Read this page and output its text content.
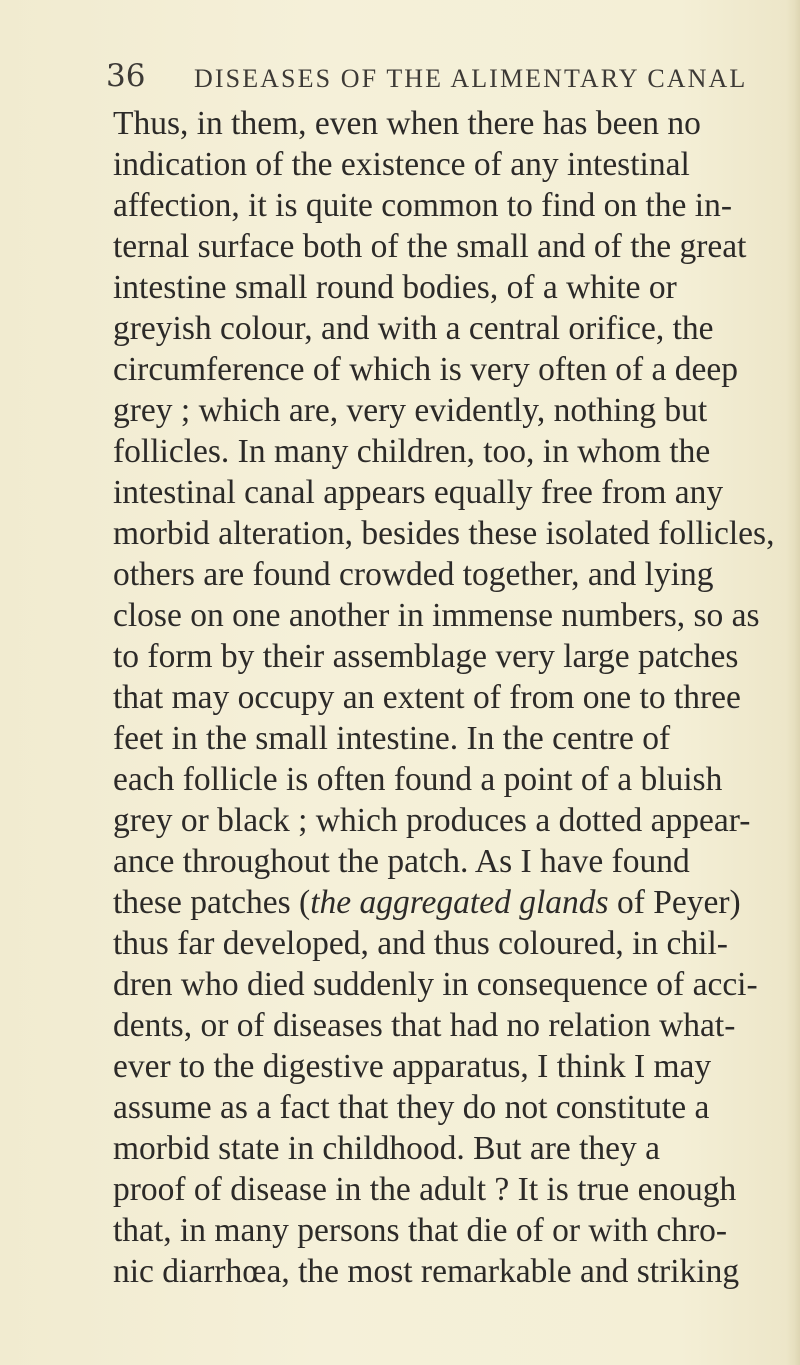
36 DISEASES OF THE ALIMENTARY CANAL
Thus, in them, even when there has been no
indication of the existence of any intestinal
affection, it is quite common to find on the in-
ternal surface both of the small and of the great
intestine small round bodies, of a white or
greyish colour, and with a central orifice, the
circumference of which is very often of a deep
grey ; which are, very evidently, nothing but
follicles. In many children, too, in whom the
intestinal canal appears equally free from any
morbid alteration, besides these isolated follicles,
others are found crowded together, and lying
close on one another in immense numbers, so as
to form by their assemblage very large patches
that may occupy an extent of from one to three
feet in the small intestine. In the centre of
each follicle is often found a point of a bluish
grey or black ; which produces a dotted appear-
ance throughout the patch. As I have found
these patches (the aggregated glands of Peyer)
thus far developed, and thus coloured, in chil-
dren who died suddenly in consequence of acci-
dents, or of diseases that had no relation what-
ever to the digestive apparatus, I think I may
assume as a fact that they do not constitute a
morbid state in childhood. But are they a
proof of disease in the adult ? It is true enough
that, in many persons that die of or with chro-
nic diarrhœa, the most remarkable and striking
